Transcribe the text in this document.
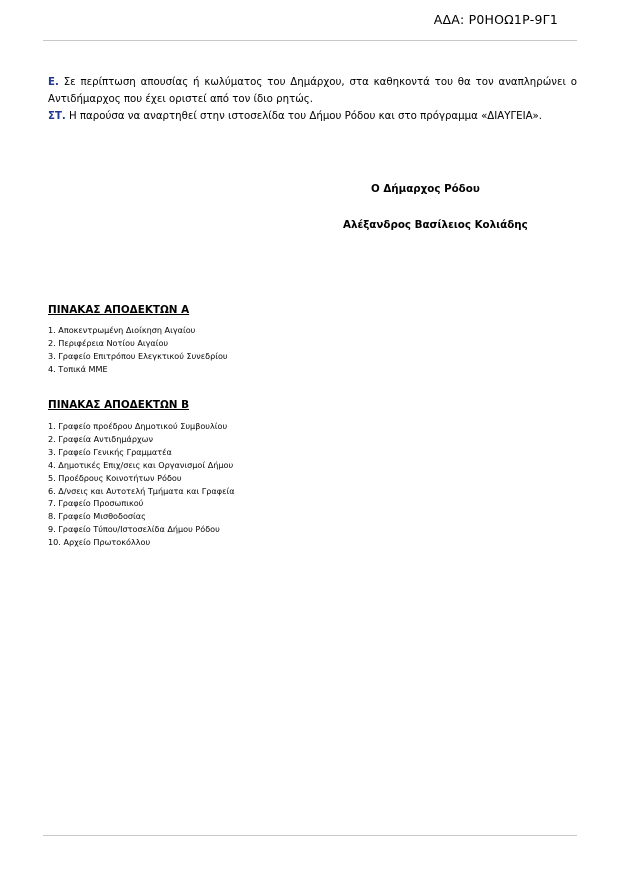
ΑΔΑ: Ρ0ΗΟΩ1Ρ-9Γ1

Ε. Σε περίπτωση απουσίας ή κωλύματος του Δημάρχου, στα καθηκοντά του θα τον αναπληρώνει ο Αντιδήμαρχος που έχει οριστεί από τον ίδιο ρητώς.

ΣΤ. Η παρούσα να αναρτηθεί στην ιστοσελίδα του Δήμου Ρόδου και στο πρόγραμμα «ΔΙΑΥΓΕΙΑ».

Ο Δήμαρχος Ρόδου
Αλέξανδρος Βασίλειος Κολιάδης
ΠΙΝΑΚΑΣ ΑΠΟΔΕΚΤΩΝ Α
1. Αποκεντρωμένη Διοίκηση Αιγαίου
2. Περιφέρεια Νοτίου Αιγαίου
3. Γραφείο Επιτρόπου Ελεγκτικού Συνεδρίου
4. Τοπικά ΜΜΕ
ΠΙΝΑΚΑΣ ΑΠΟΔΕΚΤΩΝ Β
1. Γραφείο προέδρου Δημοτικού Συμβουλίου
2. Γραφεία Αντιδημάρχων
3. Γραφείο Γενικής Γραμματέα
4. Δημοτικές Επιχ/σεις και Οργανισμοί Δήμου
5. Προέδρους Κοινοτήτων Ρόδου
6. Δ/νσεις και Αυτοτελή Τμήματα και Γραφεία
7. Γραφείο Προσωπικού
8. Γραφείο Μισθοδοσίας
9. Γραφείο Τύπου/Ιστοσελίδα Δήμου Ρόδου
10. Αρχείο Πρωτοκόλλου
